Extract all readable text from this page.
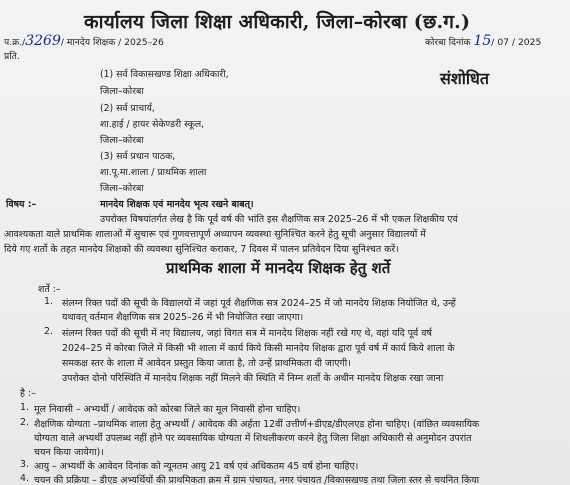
कार्यालय जिला शिक्षा अधिकारी, जिला–कोरबा (छ.ग.)
प.क्र./3269/ मानदेय शिक्षक / 2025–26	कोरबा दिनांक 15/ 07 / 2025
प्रति.
संशोधित
(1) सर्व विकासखण्ड शिक्षा अधिकारी,
जिला–कोरबा
(2) सर्व प्राचार्य,
शा.हाई / हायर सेकेण्डरी स्कूल,
जिला–कोरबा
(3) सर्व प्रधान पाठक,
शा.पू.मा.शाला / प्राथमिक शाला
जिला–कोरबा
विषय :–	मानदेय शिक्षक एवं मानदेय भृत्य रखने बाबत्।
उपरोक्त विषयांतर्गत लेख है कि पूर्व वर्ष की भांति इस शैक्षणिक सत्र 2025–26 में भी एकल शिक्षकीय एवं
आवश्यकता वाले प्राथमिक शालाओं में सुचारू एवं गुणवत्तापूर्ण अध्यापन व्यवस्था सुनिश्चित करने हेतु सूची अनुसार विद्यालयों में
दिये गए शर्तो के तहत मानदेय शिक्षको की व्यवस्था सुनिश्चित कराकर, 7 दिवस में पालन प्रतिवेदन दिया सुनिश्चत करें।
प्राथमिक शाला में मानदेय शिक्षक हेतु शर्ते
शर्ते :–
1. संलग्न रिक्त पदों की सूची के विद्यालयों में जहां पूर्व शैक्षणिक सत्र 2024–25 में जो मानदेय शिक्षक नियोजित थे, उन्हें
यथावत् वर्तमान शैक्षणिक सत्र 2025–26 में भी नियोजित रखा जाएगा।
2. संलग्न रिक्त पदों की सूची में नए विद्यालय, जहां विगत सत्र में मानदेय शिक्षक नहीं रखे गए थे, वहां यदि पूर्व वर्ष
2024–25 में कोरबा जिले में किसी भी शाला में कार्य किये किसी मानदेय शिक्षक द्वारा पूर्व वर्ष में कार्य किये शाला के
समकक्ष स्तर के शाला में आवेदन प्रस्तुत किया जाता है, तो उन्हें प्राथमिकता दी जाएगी।
उपरोक्त दोनो परिस्थिति में मानदेय शिक्षक नहीं मिलने की स्थिति में निम्न शर्तो के अधीन मानदेय शिक्षक रखा जाना
है :–
1. मूल निवासी – अभ्यर्थी / आवेदक को कोरबा जिले का मूल निवासी होना चाहिए।
2. शैक्षणिक योग्यता –प्राथमिक शाला हेतु अभ्यर्थी / आवेदक की अर्हता 12वीं उत्तीर्ण+डीएड/डीएलएड होना चाहिए। (वांछित व्यवसायिक
योग्यता वाले अभ्यर्थी उपलब्ध नहीं होने पर व्यवसायिक योग्यता में शिथलीकरण करने हेतु जिला शिक्षा अधिकारी से अनुमोदन उपरांत
चयन किया जायेगा)।
3. आयु – अभ्यर्थी के आवेदन दिनांक को न्यूनतम आयु 21 वर्ष एवं अधिकतम 45 वर्ष होना चाहिए।
4. चयन की प्रक्रिया – डीएड अभ्यर्थियों की प्राथमिकता क्रम में ग्राम पंचायत, नगर पंचायत /विकासखण्ड तथा जिला स्तर से चयनित किया
